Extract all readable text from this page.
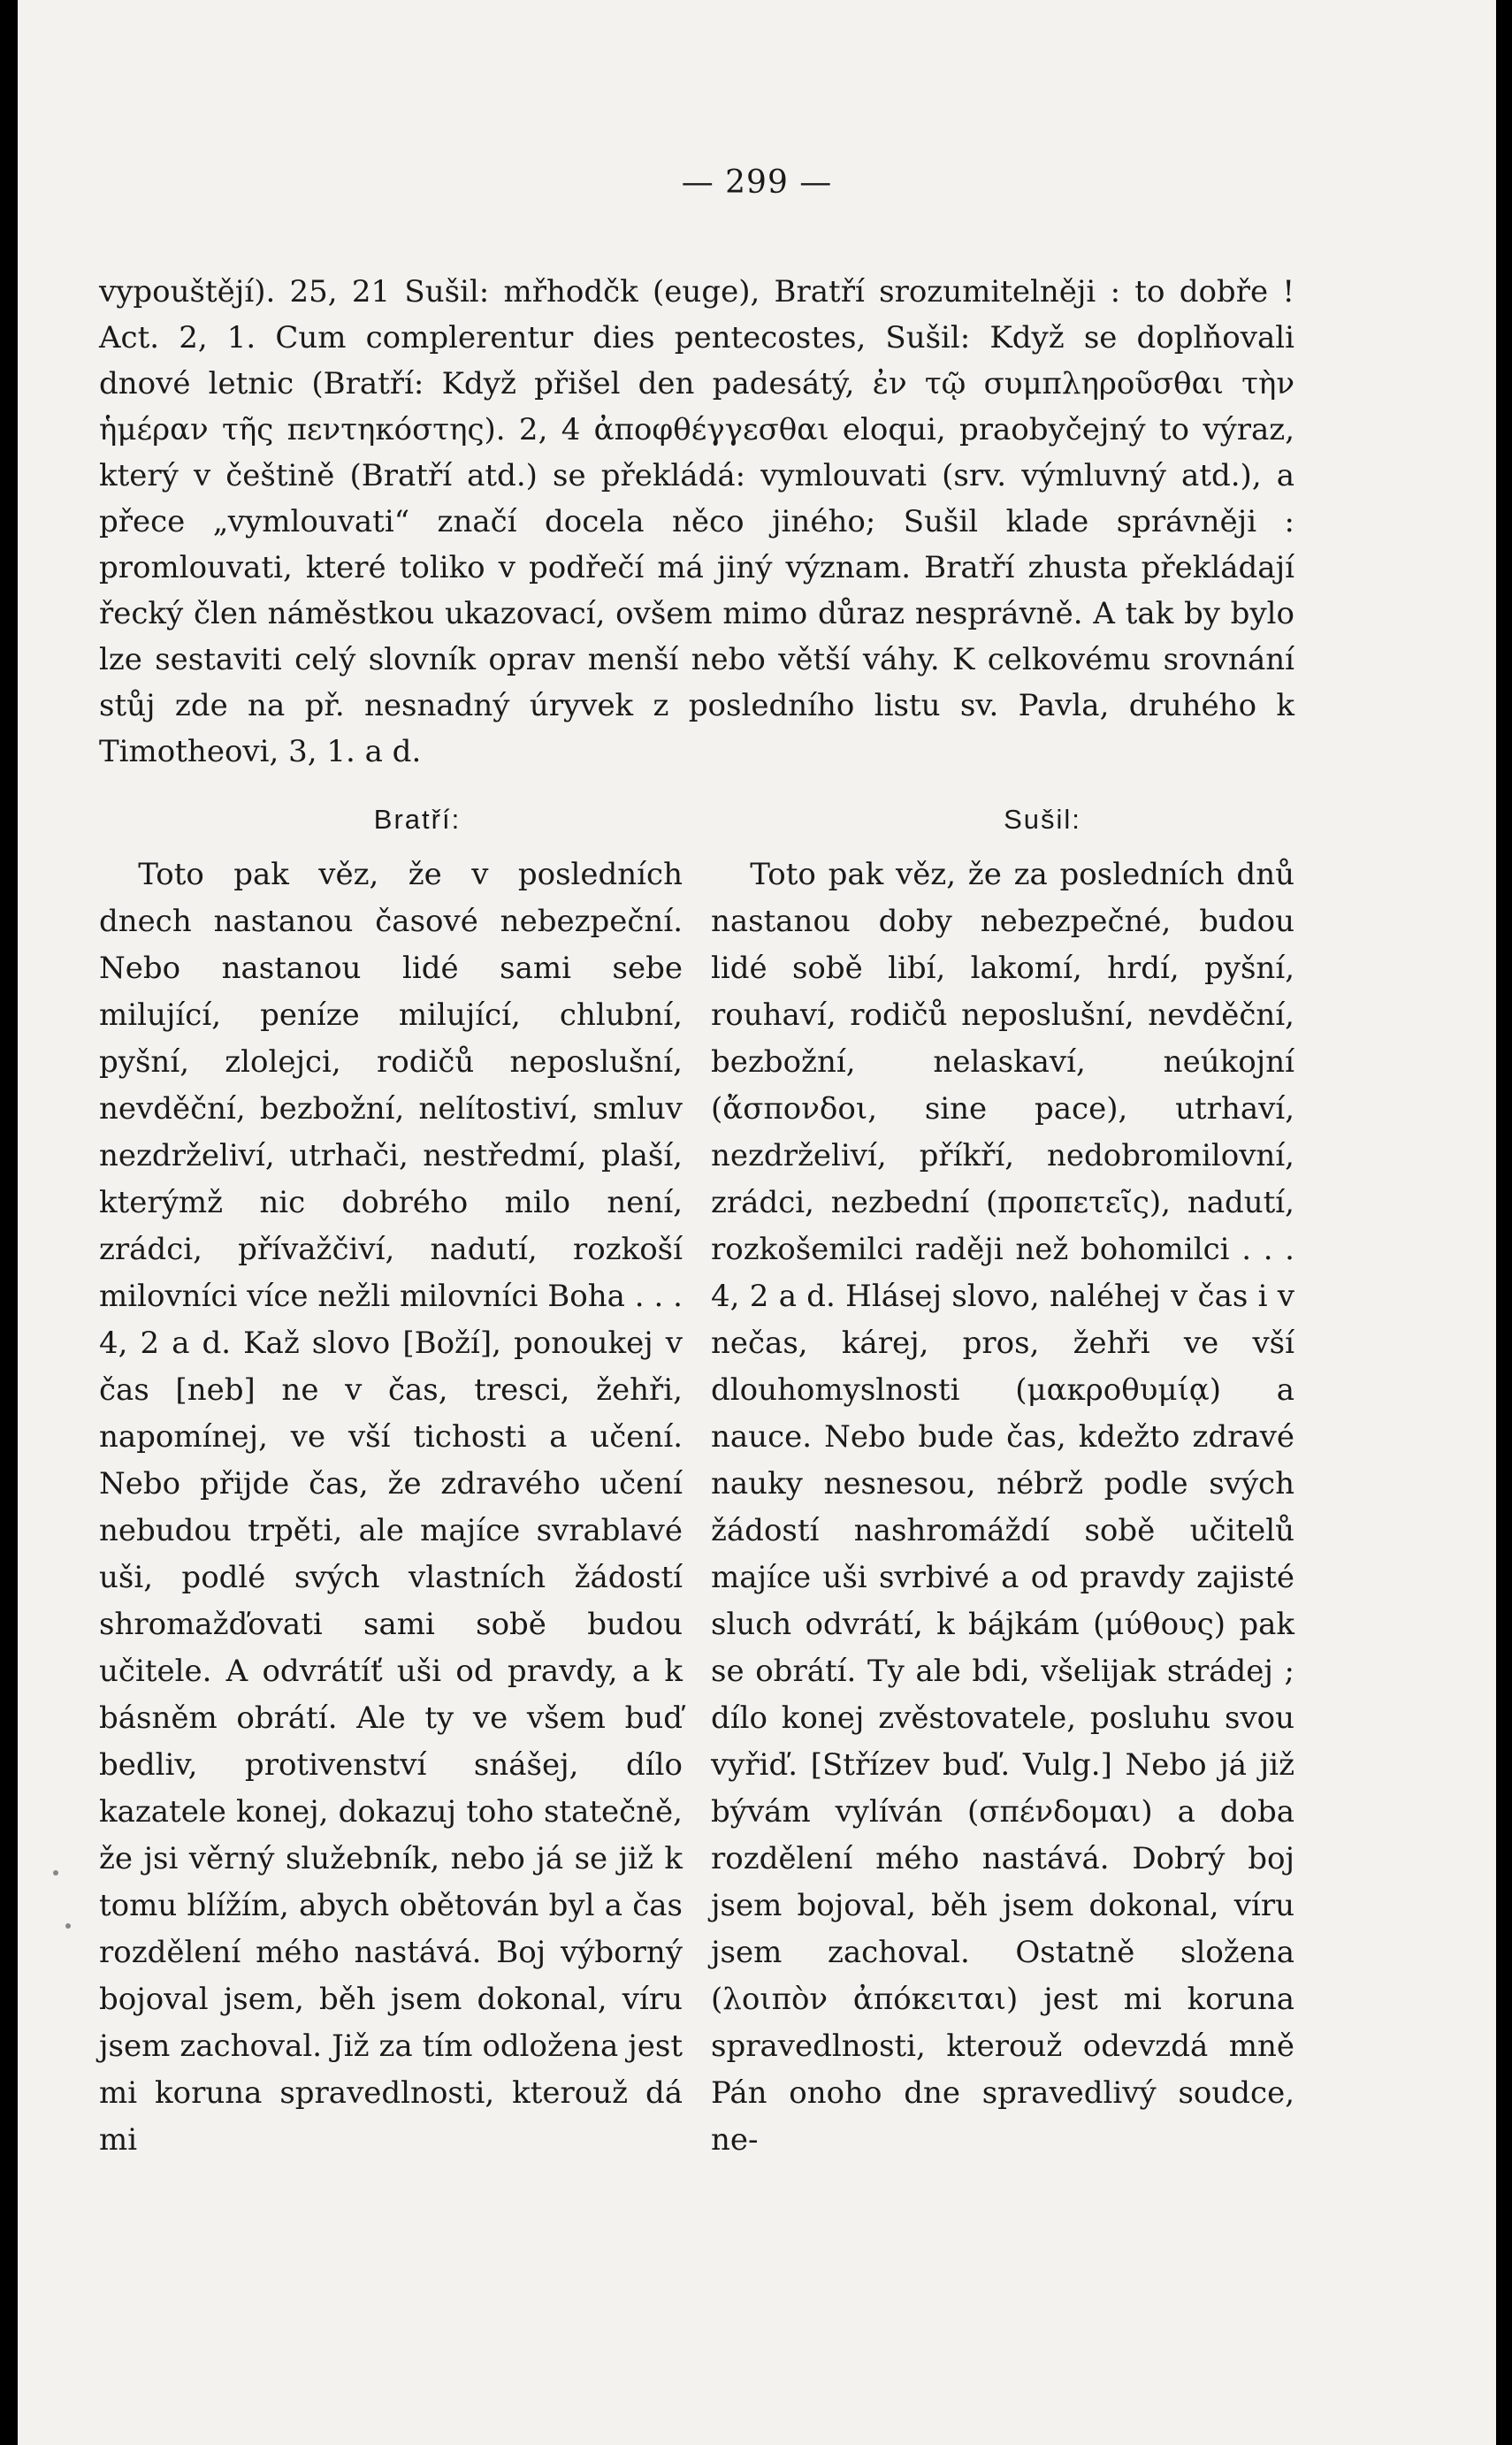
— 299 —

vypouštějí). 25, 21 Sušil: mřhodčk (euge), Bratří srozumitelněji : to dobře ! Act. 2, 1. Cum complerentur dies pentecostes, Sušil: Když se doplňovali dnové letnic (Bratří: Když přišel den padesátý, ἐν τῷ συμπληροῦσθαι τὴν ἡμέραν τῆς πεντηκόστης). 2, 4 ἀποφθέγγεσθαι eloqui, praobyčejný to výraz, který v češtině (Bratří atd.) se překládá: vymlouvati (srv. výmluvný atd.), a přece „vymlouvati“ značí docela něco jiného; Sušil klade správněji : promlouvati, které toliko v podřečí má jiný význam. Bratří zhusta překládají řecký člen náměstkou ukazovací, ovšem mimo důraz nesprávně. A tak by bylo lze sestaviti celý slovník oprav menší nebo větší váhy. K celkovému srovnání stůj zde na př. nesnadný úryvek z posledního listu sv. Pavla, druhého k Timotheovi, 3, 1. a d.

Bratří:

Toto pak věz, že v posledních dnech nastanou časové nebezpeční. Nebo nastanou lidé sami sebe milující, peníze milující, chlubní, pyšní, zlolejci, rodičů neposlušní, nevděční, bezbožní, nelítostiví, smluv nezdrželiví, utrhači, nestředmí, plaší, kterýmž nic dobrého milo není, zrádci, přívažčiví, nadutí, rozkoší milovníci více nežli milovníci Boha . . . 4, 2 a d. Kaž slovo [Boží], ponoukej v čas [neb] ne v čas, tresci, žehři, napomínej, ve vší tichosti a učení. Nebo přijde čas, že zdravého učení nebudou trpěti, ale majíce svrablavé uši, podlé svých vlastních žádostí shromažďovati sami sobě budou učitele. A odvrátíť uši od pravdy, a k básněm obrátí. Ale ty ve všem buď bedliv, protivenství snášej, dílo kazatele konej, dokazuj toho statečně, že jsi věrný služebník, nebo já se již k tomu blížím, abych obětován byl a čas rozdělení mého nastává. Boj výborný bojoval jsem, běh jsem dokonal, víru jsem zachoval. Již za tím odložena jest mi koruna spravedlnosti, kterouž dá mi

Sušil:

Toto pak věz, že za posledních dnů nastanou doby nebezpečné, budou lidé sobě libí, lakomí, hrdí, pyšní, rouhaví, rodičů neposlušní, nevděční, bezbožní, nelaskaví, neúkojní (ἄσπονδοι, sine pace), utrhaví, nezdrželiví, příkří, nedobromilovní, zrádci, nezbední (προπετεῖς), nadutí, rozkošemilci raději než bohomilci . . . 4, 2 a d. Hlásej slovo, naléhej v čas i v nečas, kárej, pros, žehři ve vší dlouhomyslnosti (μακροθυμίᾳ) a nauce. Nebo bude čas, kdežto zdravé nauky nesnesou, nébrž podle svých žádostí nashromáždí sobě učitelů majíce uši svrbivé a od pravdy zajisté sluch odvrátí, k bájkám (μύθους) pak se obrátí. Ty ale bdi, všelijak strádej ; dílo konej zvěstovatele, posluhu svou vyřiď. [Střízev buď. Vulg.] Nebo já již bývám vylíván (σπένδομαι) a doba rozdělení mého nastává. Dobrý boj jsem bojoval, běh jsem dokonal, víru jsem zachoval. Ostatně složena (λοιπὸν ἀπόκειται) jest mi koruna spravedlnosti, kterouž odevzdá mně Pán onoho dne spravedlivý soudce, ne-
